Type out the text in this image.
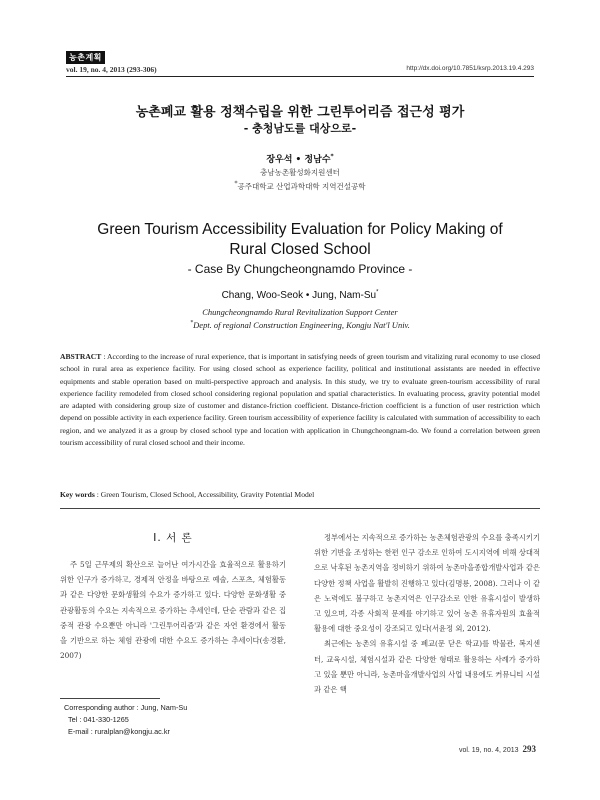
농촌계획
vol. 19, no. 4, 2013 (293-306)	http://dx.doi.org/10.7851/ksrp.2013.19.4.293
농촌폐교 활용 정책수립을 위한 그린투어리즘 접근성 평가
- 충청남도를 대상으로-
장우석 • 정남수*
충남농촌활성화지원센터
*공주대학교 산업과학대학 지역건설공학
Green Tourism Accessibility Evaluation for Policy Making of
Rural Closed School
- Case By Chungcheongnamdo Province -
Chang, Woo-Seok • Jung, Nam-Su*
Chungcheongnamdo Rural Revitalization Support Center
*Dept. of regional Construction Engineering, Kongju Nat'l Univ.
ABSTRACT : According to the increase of rural experience, that is important in satisfying needs of green tourism and vitalizing rural economy to use closed school in rural area as experience facility. For using closed school as experience facility, political and institutional assistants are needed in effective equipments and stable operation based on multi-perspective approach and analysis. In this study, we try to evaluate green-tourism accessibility of rural experience facility remodeled from closed school considering regional population and spatial characteristics. In evaluating process, gravity potential model are adapted with considering group size of customer and distance-friction coefficient. Distance-friction coefficient is a function of user restriction which depend on possible activity in each experience facility. Green tourism accessibility of experience facility is calculated with summation of accessibility to each region, and we analyzed it as a group by closed school type and location with application in Chungcheongnam-do. We found a correlation between green tourism accessibility of rural closed school and their income.
Key words : Green Tourism, Closed School, Accessibility, Gravity Potential Model
Ⅰ. 서 론

주 5일 근무제의 확산으로 늘어난 여가시간을 효율적으로 활용하기 위한 인구가 증가하고, 경제적 안정을 바탕으로 예술, 스포츠, 체험활동과 같은 다양한 문화생활의 수요가 증가하고 있다. 다양한 문화생활 중 관광활동의 수요는 지속적으로 증가하는 추세인데, 단순 관람과 같은 집중적 관광 수요뿐만 아니라 '그린투어리즘'과 같은 자연 환경에서 활동을 기반으로 하는 체험 관광에 대한 수요도 증가하는 추세이다(송경환, 2007)

정부에서는 지속적으로 증가하는 농촌체험관광의 수요를 충족시키기 위한 기반을 조성하는 한편 인구 감소로 인하여 도시지역에 비해 상대적으로 낙후된 농촌지역을 정비하기 위하여 농촌마을종합개발사업과 같은 다양한 정책 사업을 활발히 진행하고 있다(김명룡, 2008). 그러나 이 같은 노력에도 불구하고 농촌지역은 인구감소로 인한 유휴시설이 발생하고 있으며, 각종 사회적 문제를 야기하고 있어 농촌 유휴자원의 효율적 활용에 대한 중요성이 강조되고 있다(서윤정 외, 2012).

최근에는 농촌의 유휴시설 중 폐교(문 닫은 학교)를 박물관, 복지센터, 교육시설, 체험시설과 같은 다양한 형태로 활용하는 사례가 증가하고 있을 뿐만 아니라, 농촌마을개발사업의 사업 내용에도 커뮤니티 시설과 같은 핵

Corresponding author : Jung, Nam-Su
Tel : 041-330-1265
E-mail : ruralplan@kongju.ac.kr
vol. 19, no. 4, 2013 293
